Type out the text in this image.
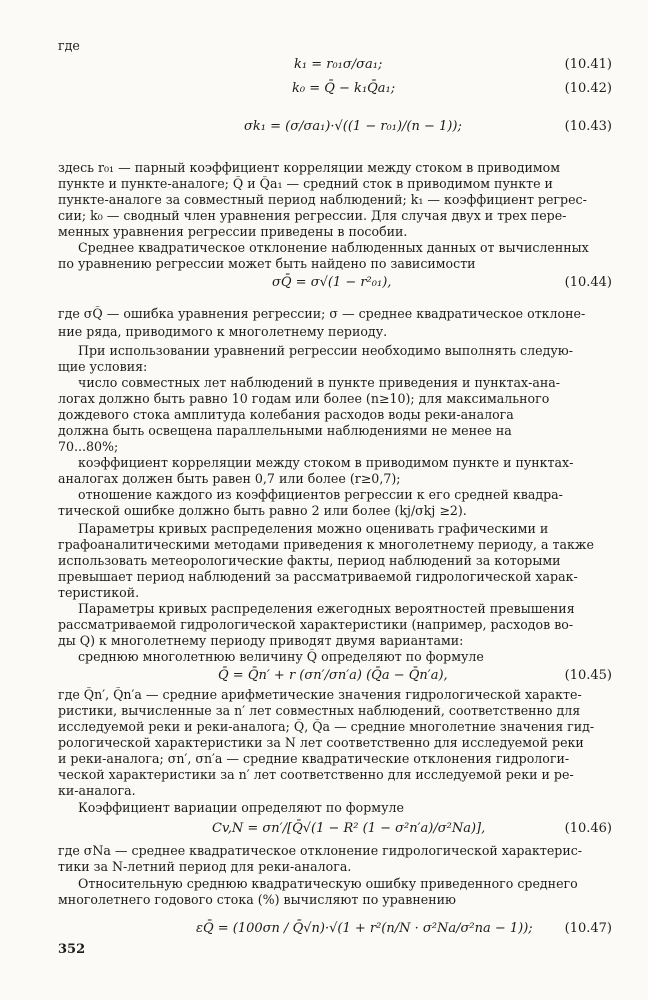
где
k₁ = r₀₁σ/σa₁;	(10.41)
k₀ = Q̄ − k₁Q̄a₁;	(10.42)
σk₁ = (σ/σa₁)·√((1 − r₀₁)/(n − 1));	(10.43)
здесь r₀₁ — парный коэффициент корреляции между стоком в приводимом
пункте и пункте-аналоге; Q̄ и Q̄a₁ — средний сток в приводимом пункте и
пункте-аналоге за совместный период наблюдений; k₁ — коэффициент регрес-
сии; k₀ — сводный член уравнения регрессии. Для случая двух и трех пере-
менных уравнения регрессии приведены в пособии.
Среднее квадратическое отклонение наблюденных данных от вычисленных
по уравнению регрессии может быть найдено по зависимости
σQ̄ = σ√(1 − r²₀₁),	(10.44)
где σQ̄ — ошибка уравнения регрессии; σ — среднее квадратическое отклоне-
ние ряда, приводимого к многолетнему периоду.
При использовании уравнений регрессии необходимо выполнять следую-
щие условия:
число совместных лет наблюдений в пункте приведения и пунктах-ана-
логах должно быть равно 10 годам или более (n≥10); для максимального
дождевого стока амплитуда колебания расходов воды реки-аналога
должна быть освещена параллельными наблюдениями не менее на
70...80%;
коэффициент корреляции между стоком в приводимом пункте и пунктах-
аналогах должен быть равен 0,7 или более (r≥0,7);
отношение каждого из коэффициентов регрессии к его средней квадра-
тической ошибке должно быть равно 2 или более (kj/σkj ≥2).
Параметры кривых распределения можно оценивать графическими и
графоаналитическими методами приведения к многолетнему периоду, а также
использовать метеорологические факты, период наблюдений за которыми
превышает период наблюдений за рассматриваемой гидрологической харак-
теристикой.
Параметры кривых распределения ежегодных вероятностей превышения
рассматриваемой гидрологической характеристики (например, расходов во-
ды Q) к многолетнему периоду приводят двумя вариантами:
среднюю многолетнюю величину Q̄ определяют по формуле
Q̄ = Q̄n′ + r (σn′/σn′a) (Q̄a − Q̄n′a),	(10.45)
где Q̄n′, Q̄n′a — средние арифметические значения гидрологической характе-
ристики, вычисленные за n′ лет совместных наблюдений, соответственно для
исследуемой реки и реки-аналога; Q̄, Q̄a — средние многолетние значения гид-
рологической характеристики за N лет соответственно для исследуемой реки
и реки-аналога; σn′, σn′a — средние квадратические отклонения гидрологи-
ческой характеристики за n′ лет соответственно для исследуемой реки и ре-
ки-аналога.
Коэффициент вариации определяют по формуле
Cv,N = σn′/[Q̄√(1 − R² (1 − σ²n′a)/σ²Na)],	(10.46)
где σNa — среднее квадратическое отклонение гидрологической характерис-
тики за N-летний период для реки-аналога.
Относительную среднюю квадратическую ошибку приведенного среднего
многолетнего годового стока (%) вычисляют по уравнению
εQ̄ = (100σn / Q̄√n)·√(1 + r²(n/N · σ²Na/σ²na − 1)); (10.47)
352
